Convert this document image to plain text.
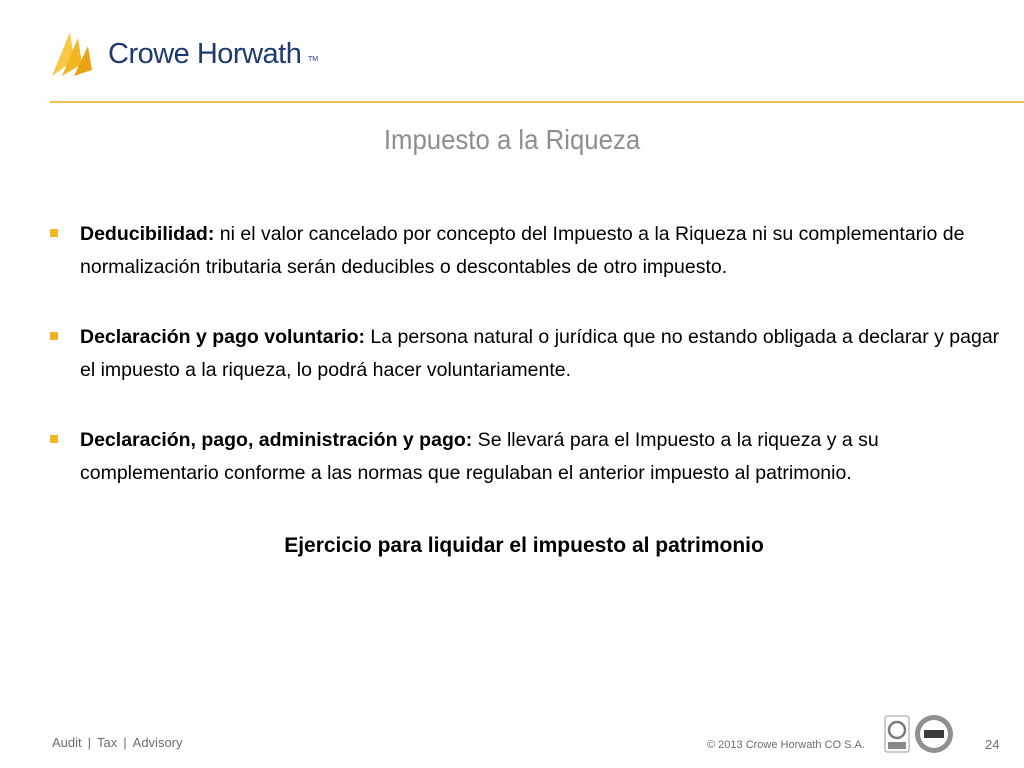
Crowe Horwath TM
Impuesto a la Riqueza
Deducibilidad: ni el valor cancelado por concepto del Impuesto a la Riqueza ni su complementario de normalización tributaria serán deducibles o descontables de otro impuesto.
Declaración y pago voluntario: La persona natural o jurídica que no estando obligada a declarar y pagar el impuesto a la riqueza, lo podrá hacer voluntariamente.
Declaración, pago, administración y pago: Se llevará para el Impuesto a la riqueza y a su complementario conforme a las normas que regulaban el anterior impuesto al patrimonio.
Ejercicio para liquidar el impuesto al patrimonio
Audit | Tax | Advisory	© 2013 Crowe Horwath CO S.A.	24
